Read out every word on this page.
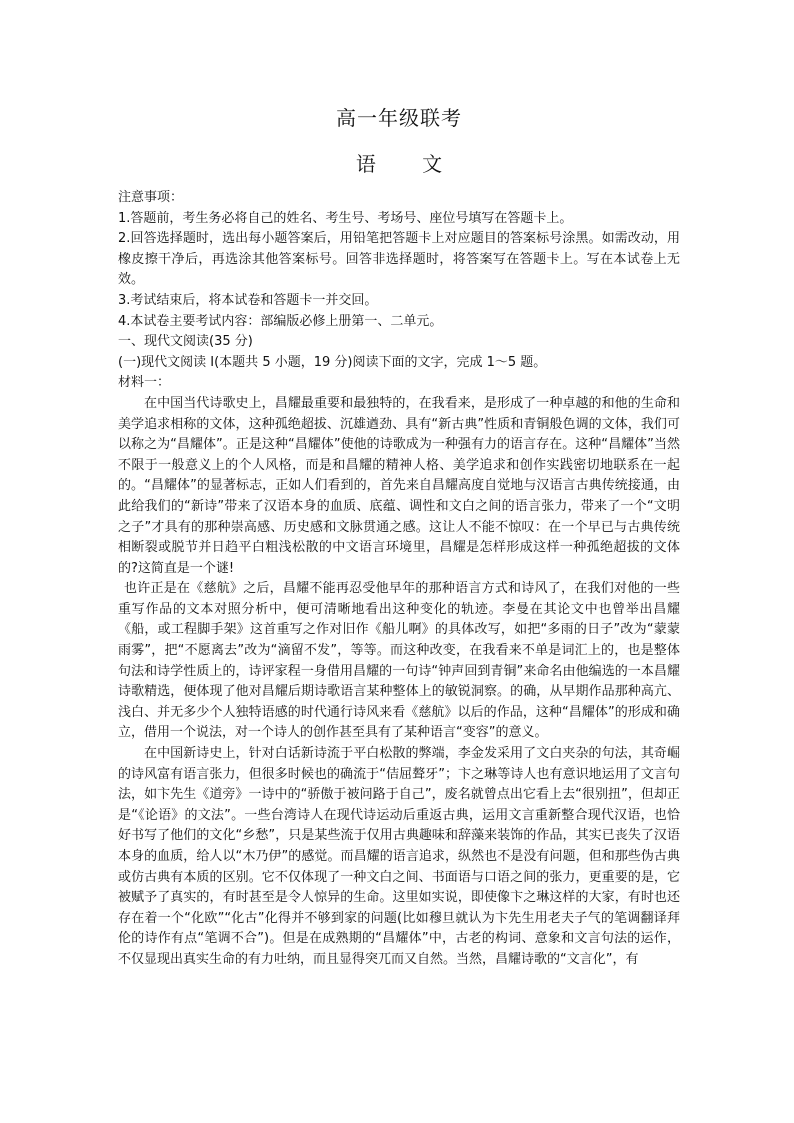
高一年级联考
语 文

注意事项：

1.答题前，考生务必将自己的姓名、考生号、考场号、座位号填写在答题卡上。

2.回答选择题时，选出每小题答案后，用铅笔把答题卡上对应题目的答案标号涂黑。如需改动，用橡皮擦干净后，再选涂其他答案标号。回答非选择题时，将答案写在答题卡上。写在本试卷上无效。

3.考试结束后，将本试卷和答题卡一并交回。

4.本试卷主要考试内容：部编版必修上册第一、二单元。

一、现代文阅读(35 分)

(一)现代文阅读 I(本题共 5 小题，19 分)阅读下面的文字，完成 1～5 题。

材料一：

在中国当代诗歌史上，昌耀最重要和最独特的，在我看来，是形成了一种卓越的和他的生命和美学追求相称的文体，这种孤绝超拔、沉雄遒劲、具有“新古典”性质和青铜般色调的文体，我们可以称之为“昌耀体”。正是这种“昌耀体”使他的诗歌成为一种强有力的语言存在。这种“昌耀体”当然不限于一般意义上的个人风格，而是和昌耀的精神人格、美学追求和创作实践密切地联系在一起的。“昌耀体”的显著标志，正如人们看到的，首先来自昌耀高度自觉地与汉语言古典传统接通，由此给我们的“新诗”带来了汉语本身的血质、底蕴、调性和文白之间的语言张力，带来了一个“文明之子”才具有的那种崇高感、历史感和文脉贯通之感。这让人不能不惊叹：在一个早已与古典传统相断裂或脱节并日趋平白粗浅松散的中文语言环境里，昌耀是怎样形成这样一种孤绝超拔的文体的?这简直是一个谜!

也许正是在《慈航》之后，昌耀不能再忍受他早年的那种语言方式和诗风了，在我们对他的一些重写作品的文本对照分析中，便可清晰地看出这种变化的轨迹。李曼在其论文中也曾举出昌耀《船，或工程脚手架》这首重写之作对旧作《船儿啊》的具体改写，如把“多雨的日子”改为“蒙蒙雨雾”，把“不愿离去”改为“滴留不发”，等等。而这种改变，在我看来不单是词汇上的，也是整体句法和诗学性质上的，诗评家程一身借用昌耀的一句诗“钟声回到青铜”来命名由他编选的一本昌耀诗歌精选，便体现了他对昌耀后期诗歌语言某种整体上的敏锐洞察。的确，从早期作品那种高亢、浅白、并无多少个人独特语感的时代通行诗风来看《慈航》以后的作品，这种“昌耀体”的形成和确立，借用一个说法，对一个诗人的创作甚至具有了某种语言“变容”的意义。

在中国新诗史上，针对白话新诗流于平白松散的弊端，李金发采用了文白夹杂的句法，其奇崛的诗风富有语言张力，但很多时候也的确流于“佶屈聱牙”；卞之琳等诗人也有意识地运用了文言句法，如卞先生《道旁》一诗中的“骄傲于被问路于自己”，废名就曾点出它看上去“很别扭”，但却正是“《论语》的文法”。一些台湾诗人在现代诗运动后重返古典，运用文言重新整合现代汉语，也恰好书写了他们的文化“乡愁”，只是某些流于仅用古典趣味和辞藻来装饰的作品，其实已丧失了汉语本身的血质，给人以“木乃伊”的感觉。而昌耀的语言追求，纵然也不是没有问题，但和那些伪古典或仿古典有本质的区别。它不仅体现了一种文白之间、书面语与口语之间的张力，更重要的是，它被赋予了真实的，有时甚至是令人惊异的生命。这里如实说，即使像卞之琳这样的大家，有时也还存在着一个“化欧”“化古”化得并不够到家的问题(比如穆旦就认为卞先生用老夫子气的笔调翻译拜伦的诗作有点“笔调不合”)。但是在成熟期的“昌耀体”中，古老的构词、意象和文言句法的运作，不仅显现出真实生命的有力吐纳，而且显得突兀而又自然。当然，昌耀诗歌的“文言化”，有
